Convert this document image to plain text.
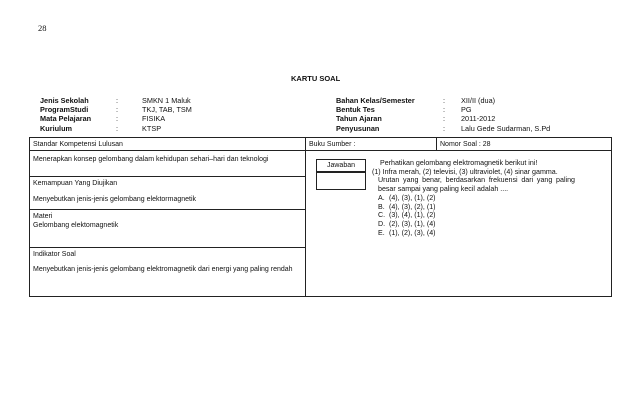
28
KARTU SOAL
Jenis Sekolah	:	SMKN 1 Maluk
ProgramStudi	:	TKJ, TAB, TSM
Mata Pelajaran	:	FISIKA
Kuriulum	:	KTSP
Bahan Kelas/Semester	:	XII/II (dua)
Bentuk Tes	:	PG
Tahun Ajaran	:	2011-2012
Penyusunan	:	Lalu Gede Sudarman, S.Pd

Standar Kompetensi Lulusan

Menerapkan konsep gelombang dalam kehidupan sehari–hari dan teknologi

Kemampuan Yang Diujikan

Menyebutkan jenis-jenis gelombang elektormagnetik

Materi

Gelombang elektomagnetik

Indikator Soal

Menyebutkan jenis-jenis gelombang elektromagnetik dari energi yang paling rendah

Buku Sumber :	Nomor Soal : 28

Jawaban	Perhatikan gelombang elektromagnetik berikut ini!
(1) Infra merah, (2) televisi, (3) ultraviolet, (4) sinar gamma.
Urutan yang benar, berdasarkan frekuensi dari yang paling besar sampai yang paling kecil adalah ....
A. (4), (3), (1), (2)
B. (4), (3), (2), (1)
C. (3), (4), (1), (2)
D. (2), (3), (1), (4)
E. (1), (2), (3), (4)
